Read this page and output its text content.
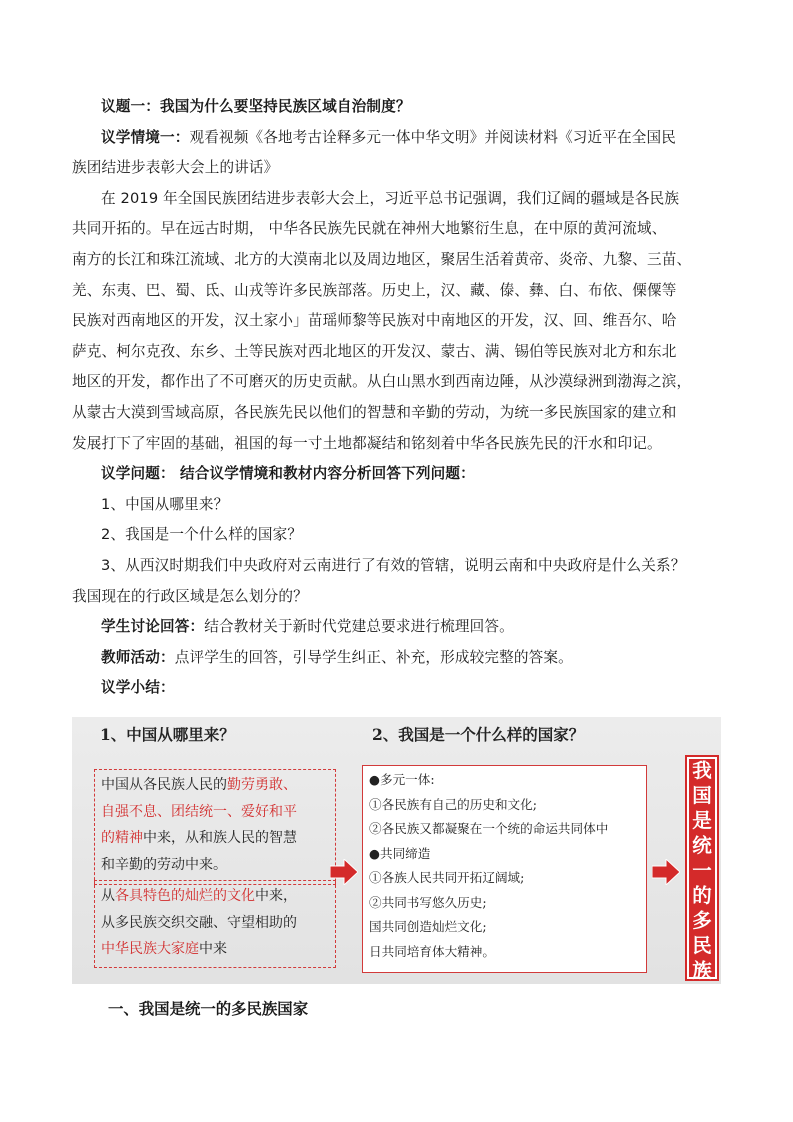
议题一：我国为什么要坚持民族区域自治制度？
议学情境一：观看视频《各地考古诠释多元一体中华文明》并阅读材料《习近平在全国民
族团结进步表彰大会上的讲话》
在 2019 年全国民族团结进步表彰大会上，习近平总书记强调，我们辽阔的疆域是各民族
共同开拓的。早在远古时期， 中华各民族先民就在神州大地繁衍生息，在中原的黄河流域、
南方的长江和珠江流域、北方的大漠南北以及周边地区，聚居生活着黄帝、炎帝、九黎、三苗、
羌、东夷、巴、蜀、氐、山戎等许多民族部落。历史上，汉、藏、傣、彝、白、布依、傈僳等
民族对西南地区的开发，汉土家小」苗瑶师黎等民族对中南地区的开发，汉、回、维吾尔、哈
萨克、柯尔克孜、东乡、土等民族对西北地区的开发汉、蒙古、满、锡伯等民族对北方和东北
地区的开发，都作出了不可磨灭的历史贡献。从白山黑水到西南边陲，从沙漠绿洲到渤海之滨，
从蒙古大漠到雪域高原，各民族先民以他们的智慧和辛勤的劳动，为统一多民族国家的建立和
发展打下了牢固的基础，祖国的每一寸土地都凝结和铭刻着中华各民族先民的汗水和印记。
议学问题： 结合议学情境和教材内容分析回答下列问题：
1、中国从哪里来？
2、我国是一个什么样的国家？
3、从西汉时期我们中央政府对云南进行了有效的管辖，说明云南和中央政府是什么关系？
我国现在的行政区域是怎么划分的？
学生讨论回答：结合教材关于新时代党建总要求进行梳理回答。
教师活动：点评学生的回答，引导学生纠正、补充，形成较完整的答案。
议学小结：
1、中国从哪里来？	2、我国是一个什么样的国家？
中国从各民族人民的勤劳勇敢、
自强不息、团结统一、爱好和平
的精神中来，从和族人民的智慧
和辛勤的劳动中来。
从各具特色的灿烂的文化中来，
从多民族交织交融、守望相助的
中华民族大家庭中来
●多元一体:
①各民族有自己的历史和文化;
②各民族又都凝聚在一个统的命运共同体中
●共同缔造
①各族人民共同开拓辽阔域;
②共同书写悠久历史;
国共同创造灿烂文化;
日共同培育体大精神。
我
国
是
统
一
的
多
民
族
国
家
一、我国是统一的多民族国家
